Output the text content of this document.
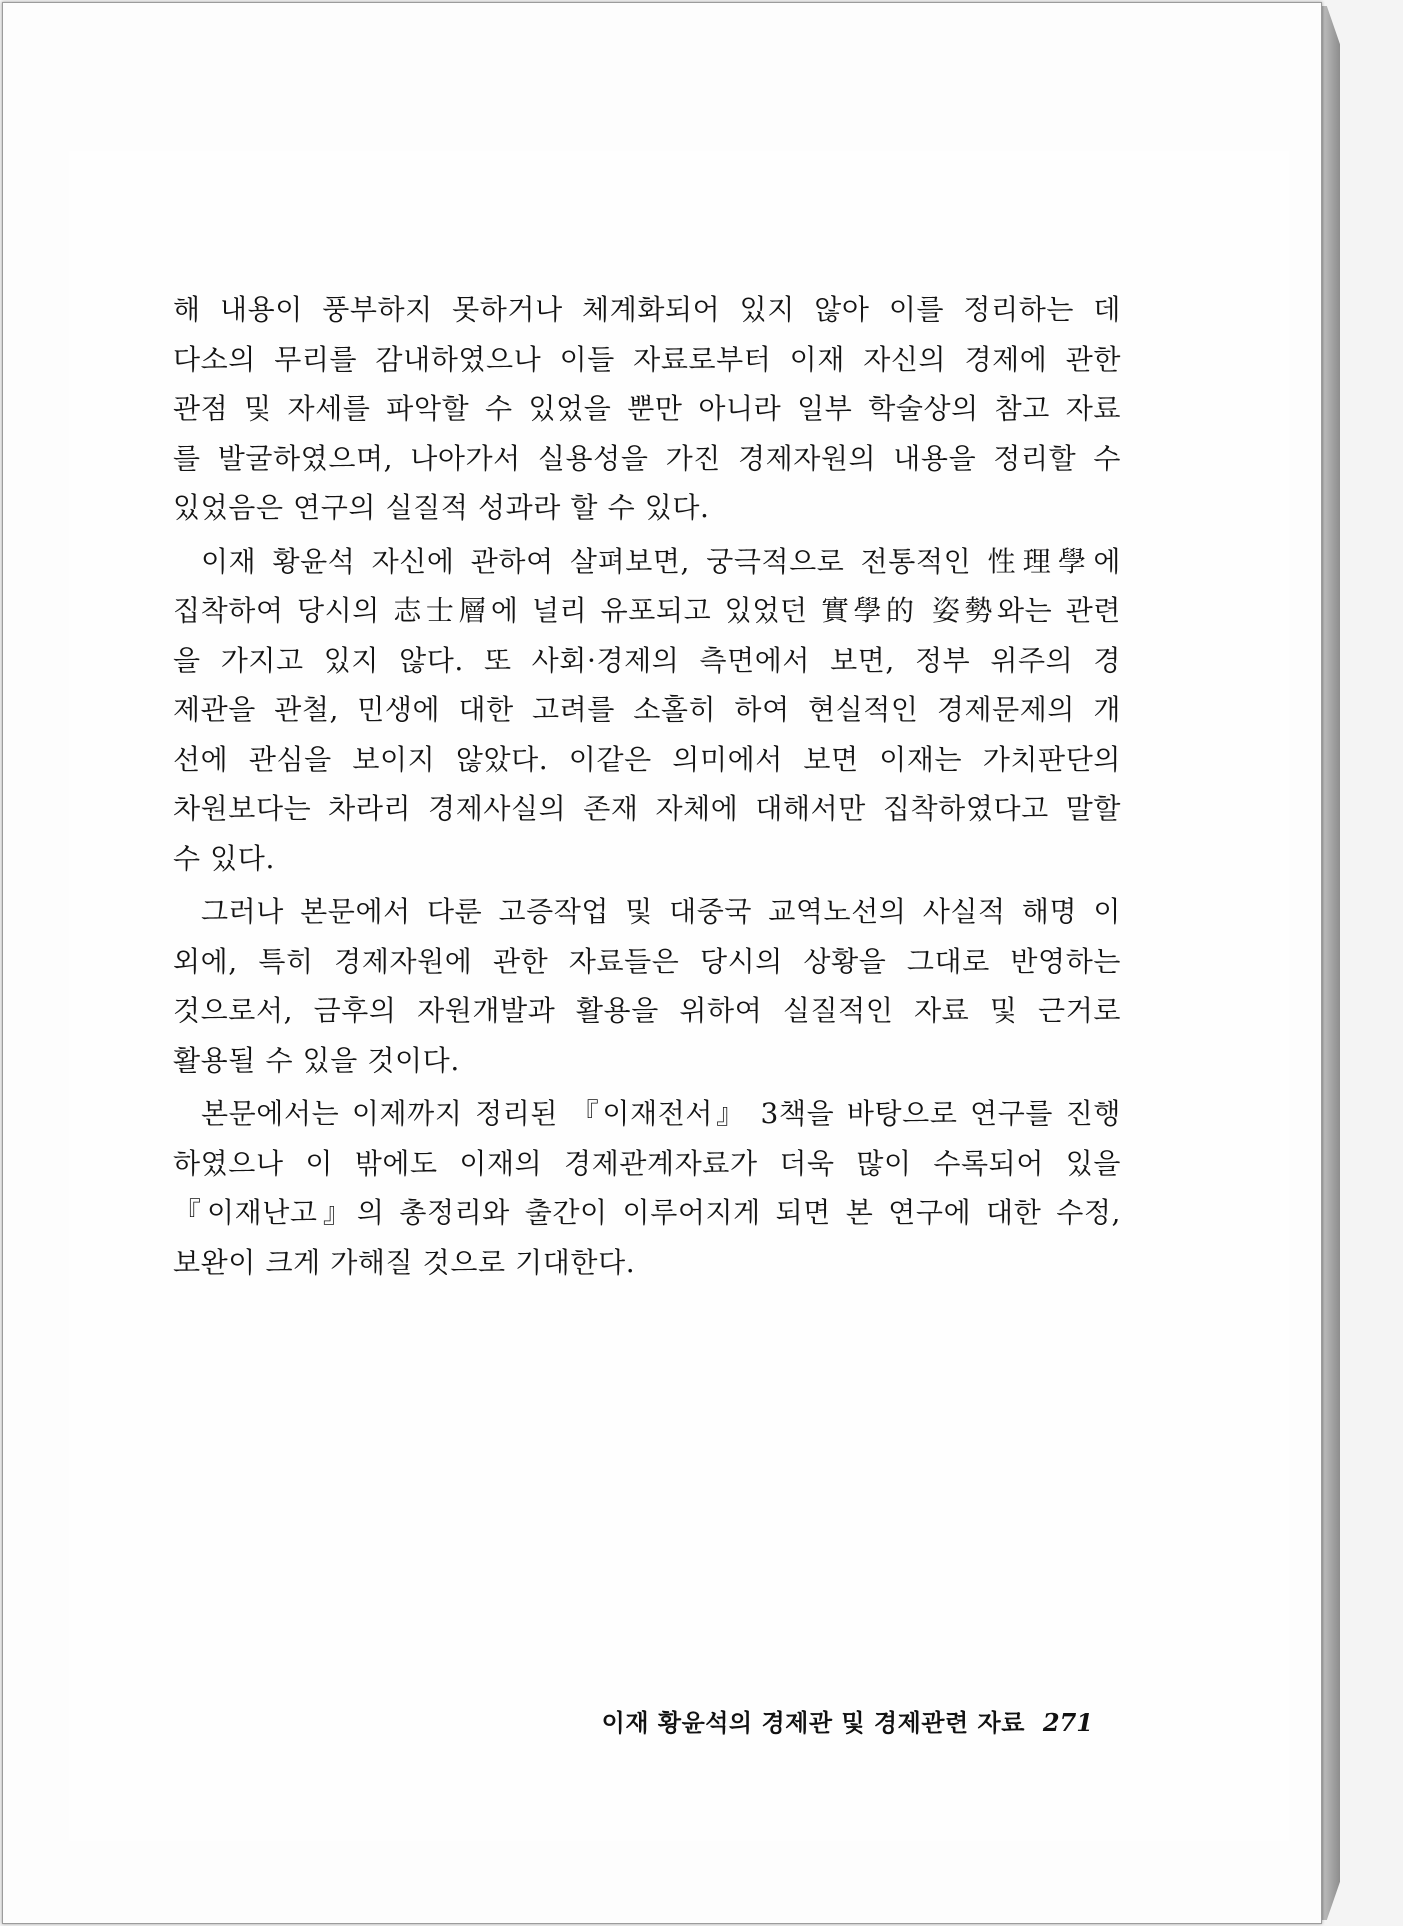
해 내용이 풍부하지 못하거나 체계화되어 있지 않아 이를 정리하는 데
다소의 무리를 감내하였으나 이들 자료로부터 이재 자신의 경제에 관한
관점 및 자세를 파악할 수 있었을 뿐만 아니라 일부 학술상의 참고 자료
를 발굴하였으며, 나아가서 실용성을 가진 경제자원의 내용을 정리할 수
있었음은 연구의 실질적 성과라 할 수 있다.
이재 황윤석 자신에 관하여 살펴보면, 궁극적으로 전통적인 性理學에
집착하여 당시의 志士層에 널리 유포되고 있었던 實學的 姿勢와는 관련
을 가지고 있지 않다. 또 사회·경제의 측면에서 보면, 정부 위주의 경
제관을 관철, 민생에 대한 고려를 소홀히 하여 현실적인 경제문제의 개
선에 관심을 보이지 않았다. 이같은 의미에서 보면 이재는 가치판단의
차원보다는 차라리 경제사실의 존재 자체에 대해서만 집착하였다고 말할
수 있다.
그러나 본문에서 다룬 고증작업 및 대중국 교역노선의 사실적 해명 이
외에, 특히 경제자원에 관한 자료들은 당시의 상황을 그대로 반영하는
것으로서, 금후의 자원개발과 활용을 위하여 실질적인 자료 및 근거로
활용될 수 있을 것이다.
본문에서는 이제까지 정리된 『이재전서』 3책을 바탕으로 연구를 진행
하였으나 이 밖에도 이재의 경제관계자료가 더욱 많이 수록되어 있을
『이재난고』의 총정리와 출간이 이루어지게 되면 본 연구에 대한 수정,
보완이 크게 가해질 것으로 기대한다.
이재 황윤석의 경제관 및 경제관련 자료 271
